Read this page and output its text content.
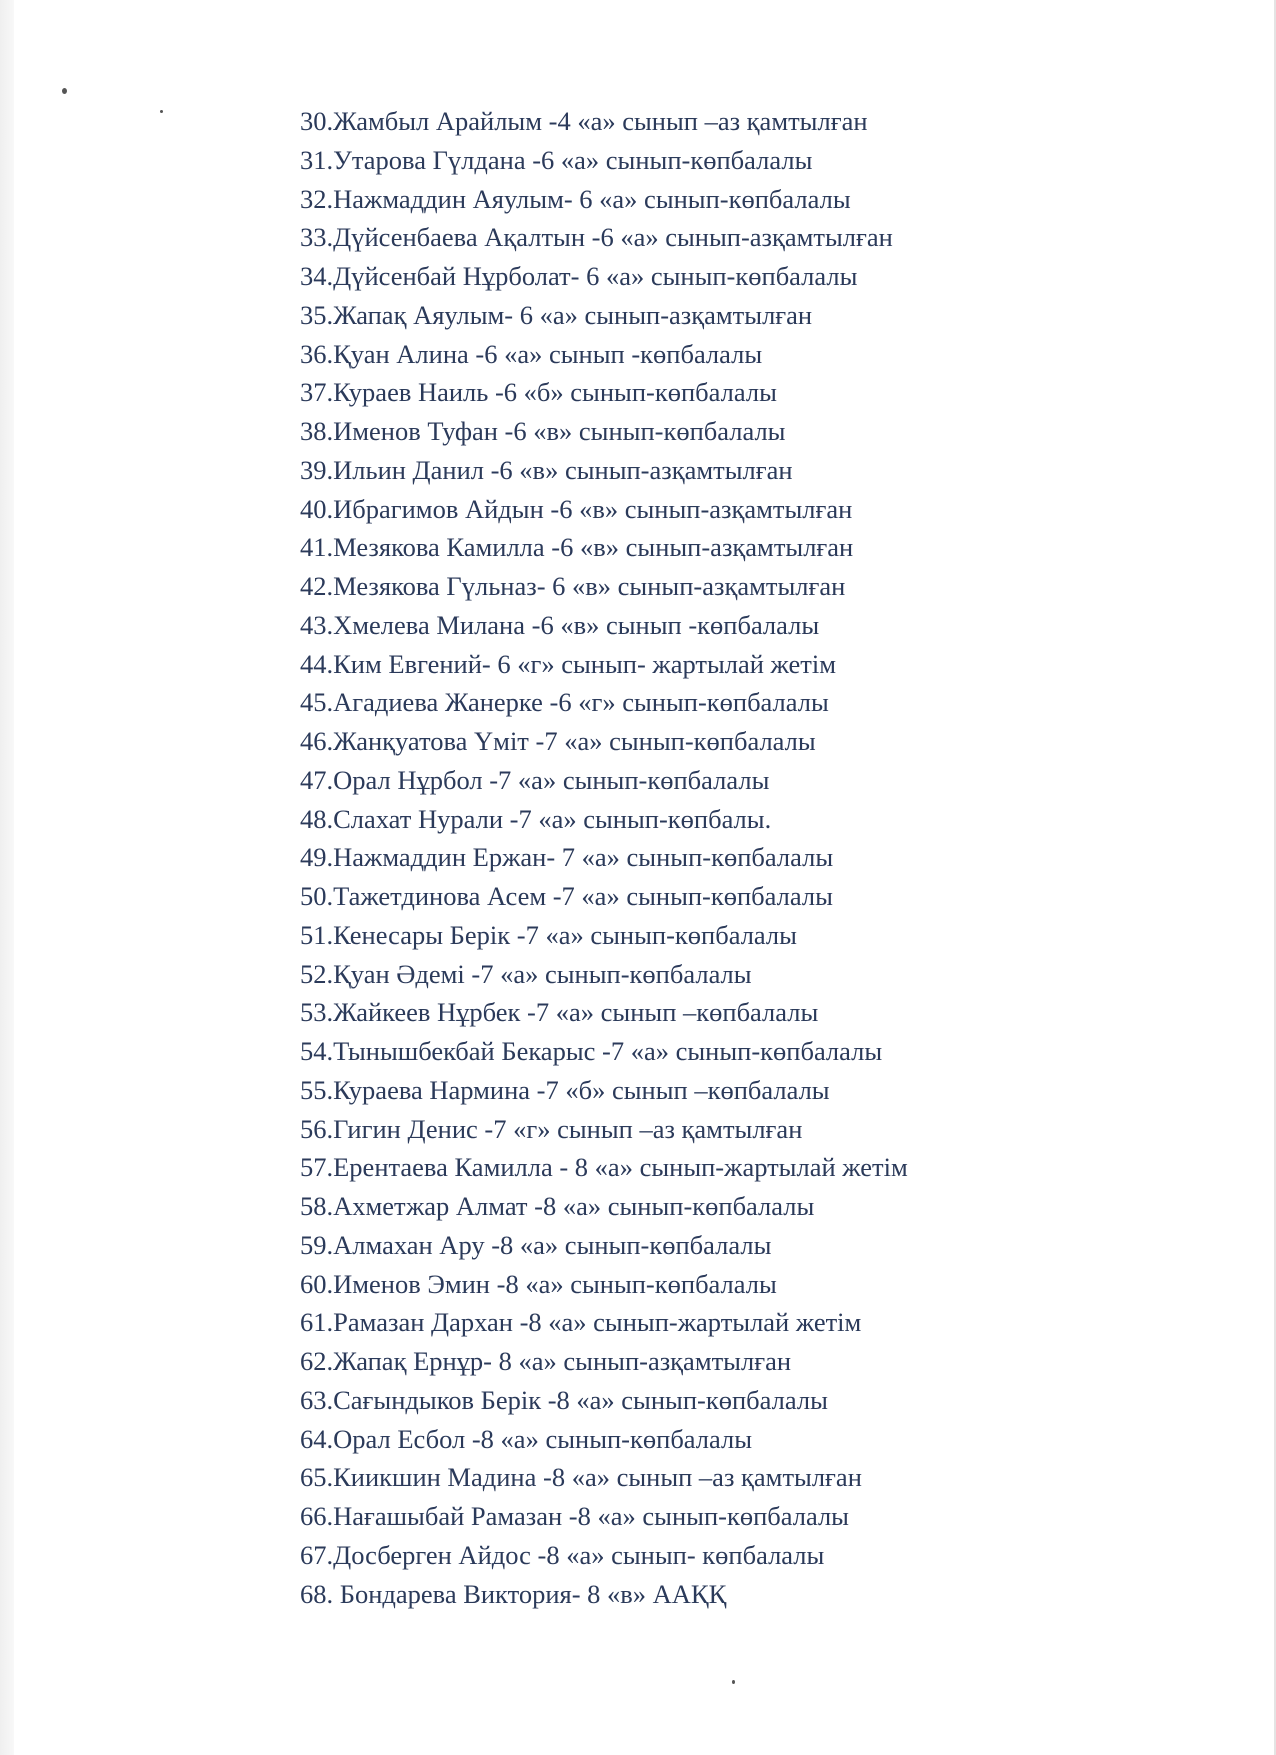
30.Жамбыл Арайлым -4 «а» сынып –аз қамтылған
31.Утарова Гүлдана -6 «а» сынып-көпбалалы
32.Нажмаддин Аяулым- 6 «а» сынып-көпбалалы
33.Дүйсенбаева Ақалтын -6 «а» сынып-азқамтылған
34.Дүйсенбай Нұрболат- 6 «а» сынып-көпбалалы
35.Жапақ Аяулым- 6 «а» сынып-азқамтылған
36.Қуан Алина -6 «а» сынып -көпбалалы
37.Кураев Наиль -6 «б» сынып-көпбалалы
38.Именов Туфан -6 «в» сынып-көпбалалы
39.Ильин Данил -6 «в» сынып-азқамтылған
40.Ибрагимов Айдын -6 «в» сынып-азқамтылған
41.Мезякова Камилла -6 «в» сынып-азқамтылған
42.Мезякова Гүльназ- 6 «в» сынып-азқамтылған
43.Хмелева Милана -6 «в» сынып -көпбалалы
44.Ким Евгений- 6 «г» сынып- жартылай жетім
45.Агадиева Жанерке -6 «г» сынып-көпбалалы
46.Жанқуатова Үміт -7 «а» сынып-көпбалалы
47.Орал Нұрбол -7 «а» сынып-көпбалалы
48.Слахат Нурали -7 «а» сынып-көпбалы.
49.Нажмаддин Ержан- 7 «а» сынып-көпбалалы
50.Тажетдинова Асем -7 «а» сынып-көпбалалы
51.Кенесары Берік -7 «а» сынып-көпбалалы
52.Қуан Әдемі -7 «а» сынып-көпбалалы
53.Жайкеев Нұрбек -7 «а» сынып –көпбалалы
54.Тынышбекбай Бекарыс -7 «а» сынып-көпбалалы
55.Кураева Нармина -7 «б» сынып –көпбалалы
56.Гигин Денис -7 «г» сынып –аз қамтылған
57.Ерентаева Камилла - 8 «а» сынып-жартылай жетім
58.Ахметжар Алмат -8 «а» сынып-көпбалалы
59.Алмахан Ару -8 «а» сынып-көпбалалы
60.Именов Эмин -8 «а» сынып-көпбалалы
61.Рамазан Дархан -8 «а» сынып-жартылай жетім
62.Жапақ Ернұр- 8 «а» сынып-азқамтылған
63.Сағындыков Берік -8 «а» сынып-көпбалалы
64.Орал Есбол -8 «а» сынып-көпбалалы
65.Киикшин Мадина -8 «а» сынып –аз қамтылған
66.Нағашыбай Рамазан -8 «а» сынып-көпбалалы
67.Досберген Айдос -8 «а» сынып- көпбалалы
68. Бондарева Виктория- 8 «в» ААҚҚ
